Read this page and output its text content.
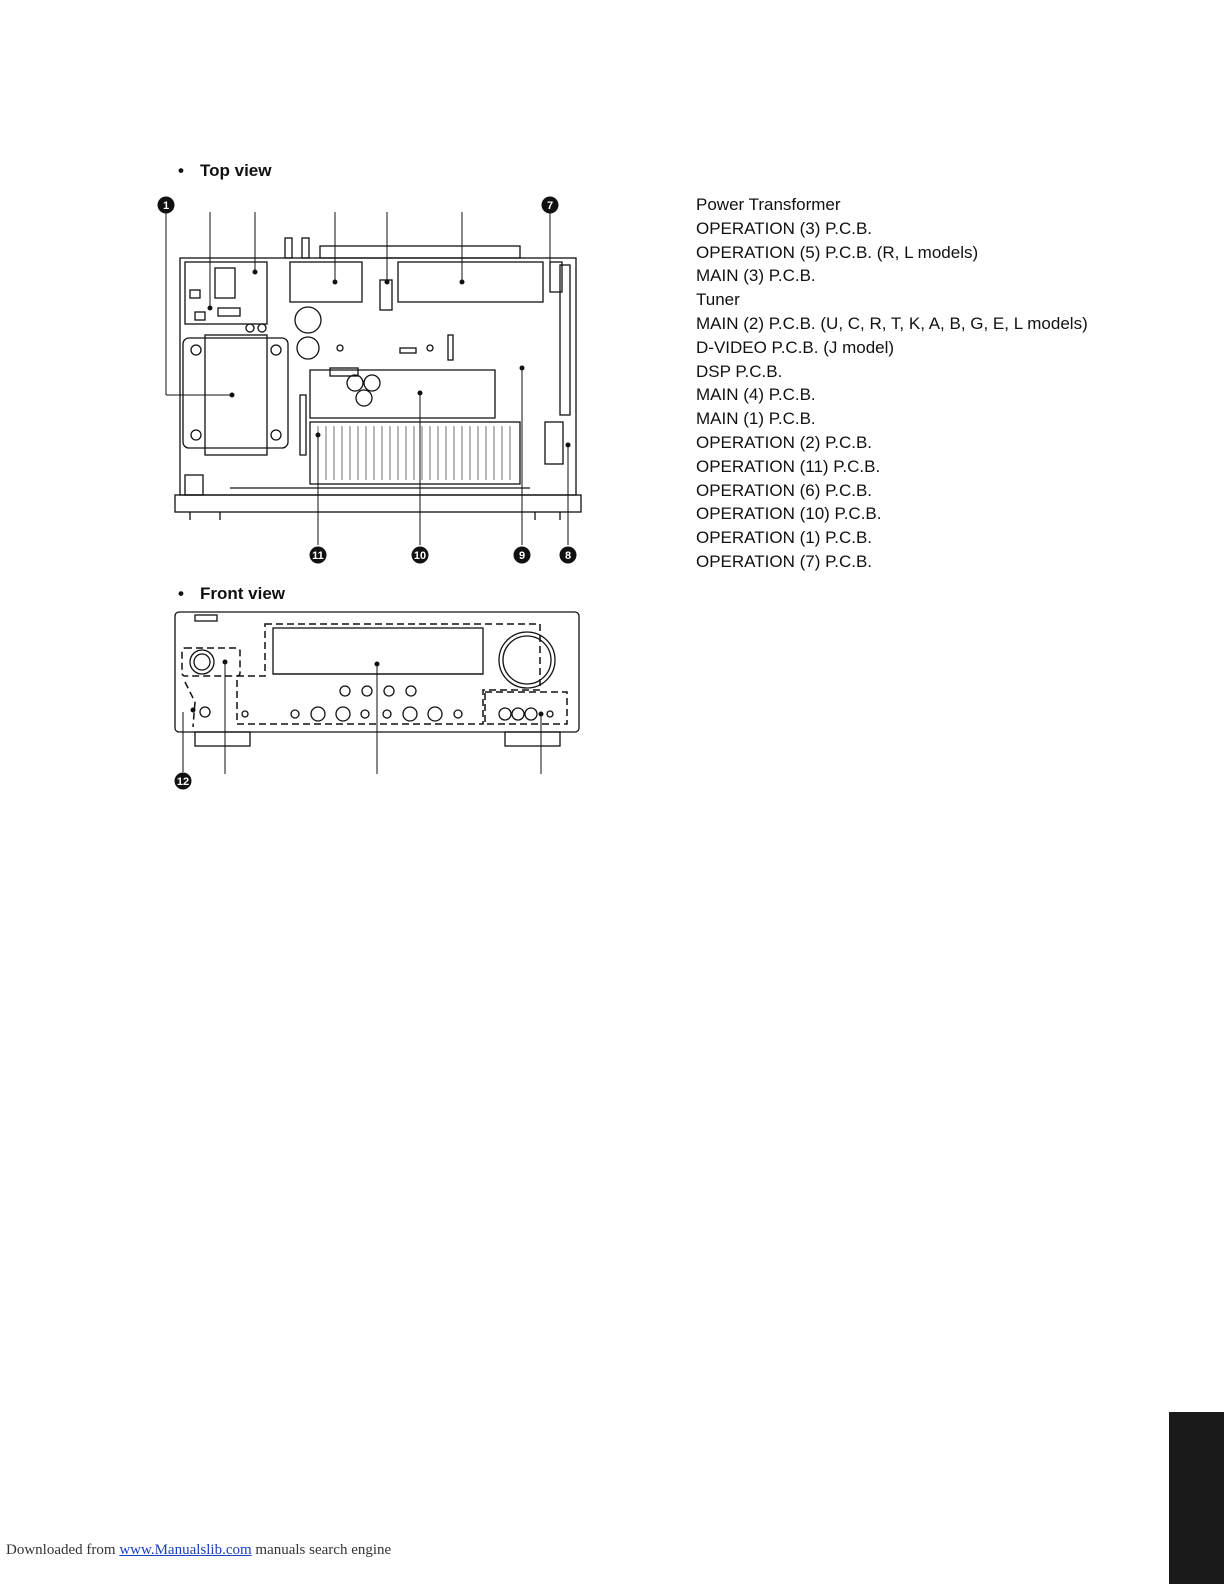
• Top view
• Front view
1	7
8
9
10
11
12
Power Transformer
OPERATION (3) P.C.B.
OPERATION (5) P.C.B. (R, L models)
MAIN (3) P.C.B.
Tuner
MAIN (2) P.C.B. (U, C, R, T, K, A, B, G, E, L models)
D-VIDEO P.C.B. (J model)
DSP P.C.B.
MAIN (4) P.C.B.
MAIN (1) P.C.B.
OPERATION (2) P.C.B.
OPERATION (11) P.C.B.
OPERATION (6) P.C.B.
OPERATION (10) P.C.B.
OPERATION (1) P.C.B.
OPERATION (7) P.C.B.
Downloaded from www.Manualslib.com manuals search engine
